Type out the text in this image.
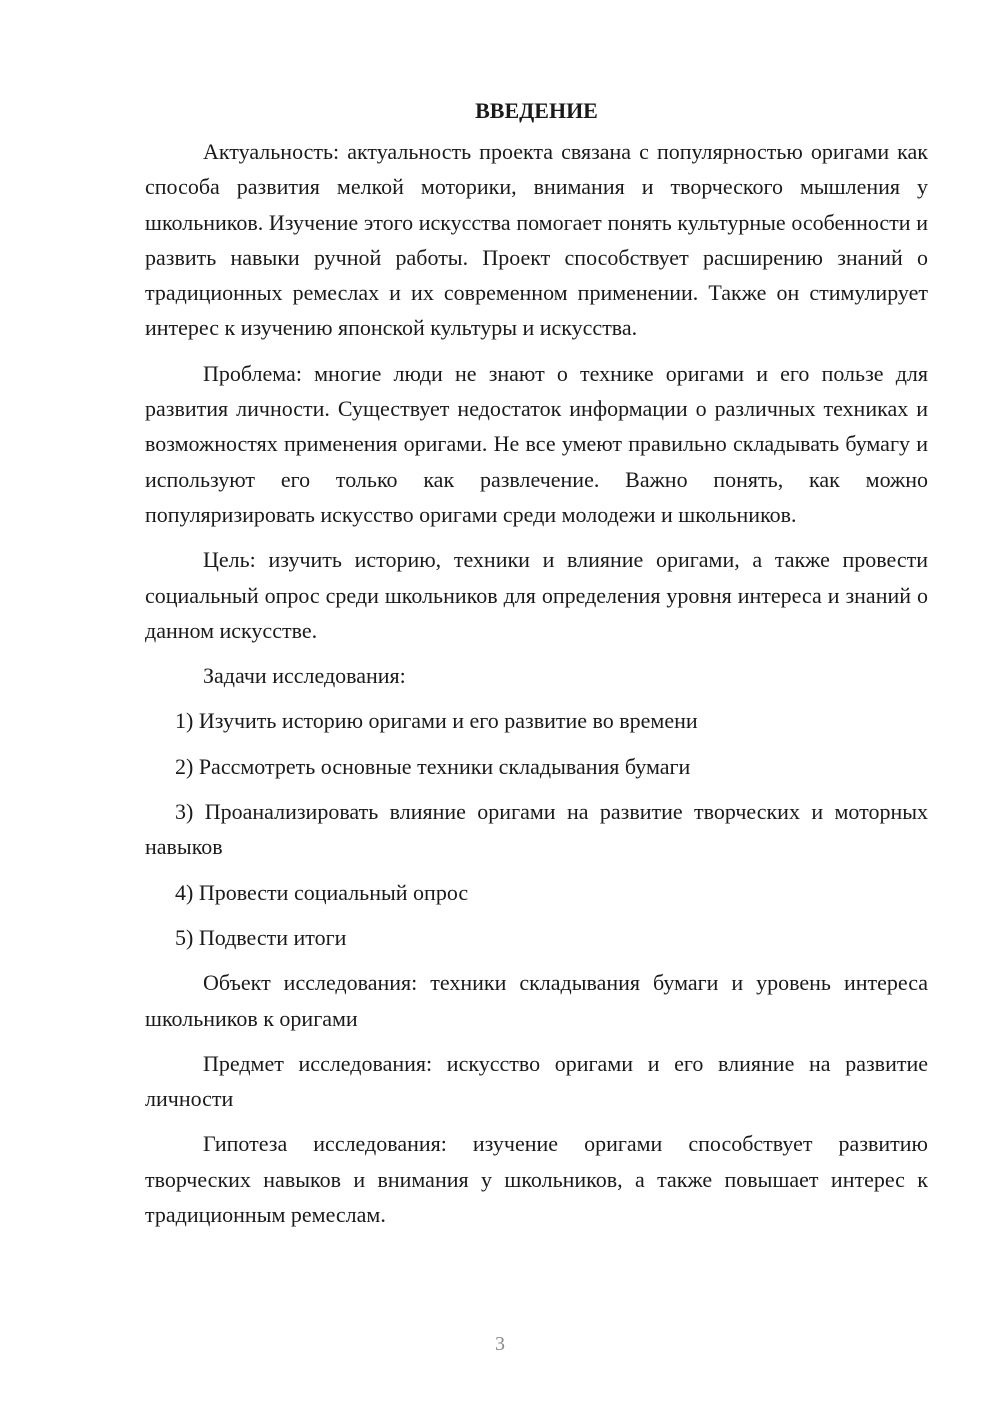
ВВЕДЕНИЕ

Актуальность: актуальность проекта связана с популярностью оригами как способа развития мелкой моторики, внимания и творческого мышления у школьников. Изучение этого искусства помогает понять культурные особенности и развить навыки ручной работы. Проект способствует расширению знаний о традиционных ремеслах и их современном применении. Также он стимулирует интерес к изучению японской культуры и искусства.

Проблема: многие люди не знают о технике оригами и его пользе для развития личности. Существует недостаток информации о различных техниках и возможностях применения оригами. Не все умеют правильно складывать бумагу и используют его только как развлечение. Важно понять, как можно популяризировать искусство оригами среди молодежи и школьников.

Цель: изучить историю, техники и влияние оригами, а также провести социальный опрос среди школьников для определения уровня интереса и знаний о данном искусстве.

Задачи исследования:

1) Изучить историю оригами и его развитие во времени

2) Рассмотреть основные техники складывания бумаги

3) Проанализировать влияние оригами на развитие творческих и моторных навыков

4) Провести социальный опрос

5) Подвести итоги

Объект исследования: техники складывания бумаги и уровень интереса школьников к оригами

Предмет исследования: искусство оригами и его влияние на развитие личности

Гипотеза исследования: изучение оригами способствует развитию творческих навыков и внимания у школьников, а также повышает интерес к традиционным ремеслам.

3
